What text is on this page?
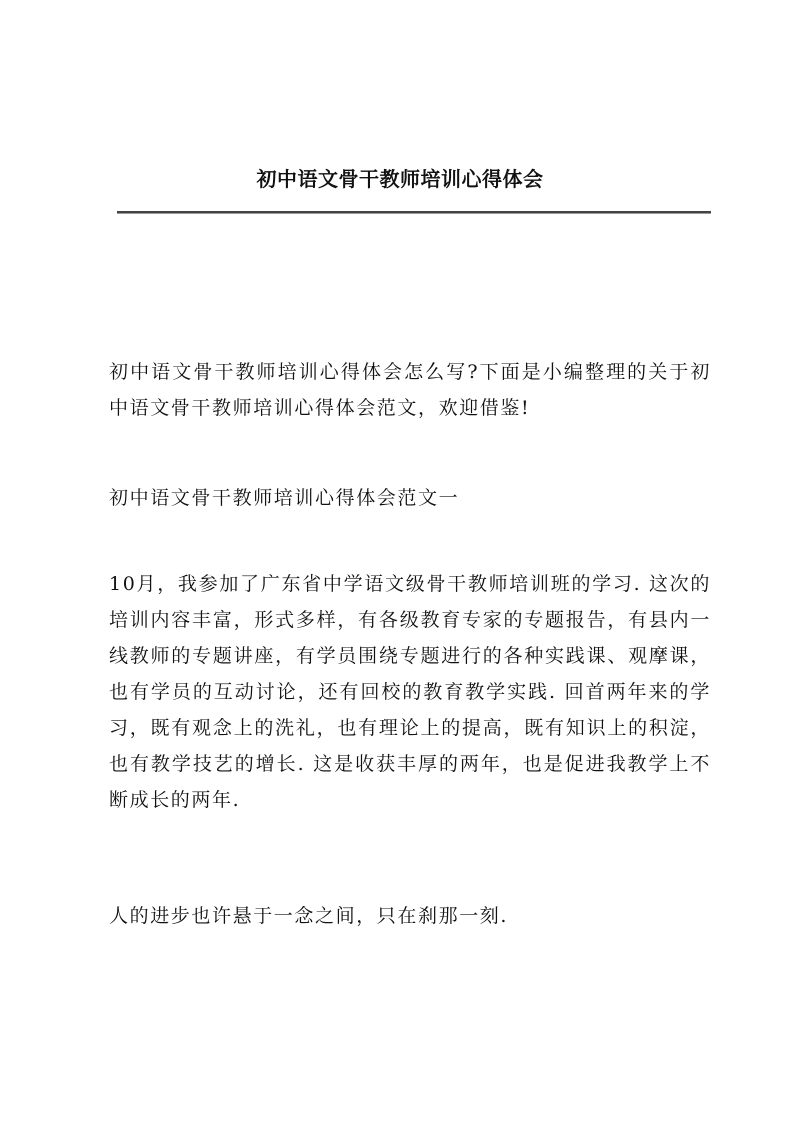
初中语文骨干教师培训心得体会

初中语文骨干教师培训心得体会怎么写?下面是小编整理的关于初中语文骨干教师培训心得体会范文，欢迎借鉴!

初中语文骨干教师培训心得体会范文一

10月，我参加了广东省中学语文级骨干教师培训班的学习. 这次的培训内容丰富，形式多样，有各级教育专家的专题报告，有县内一线教师的专题讲座，有学员围绕专题进行的各种实践课、观摩课，也有学员的互动讨论，还有回校的教育教学实践. 回首两年来的学习，既有观念上的洗礼，也有理论上的提高，既有知识上的积淀，也有教学技艺的增长. 这是收获丰厚的两年，也是促进我教学上不断成长的两年.

人的进步也许悬于一念之间，只在刹那一刻.
